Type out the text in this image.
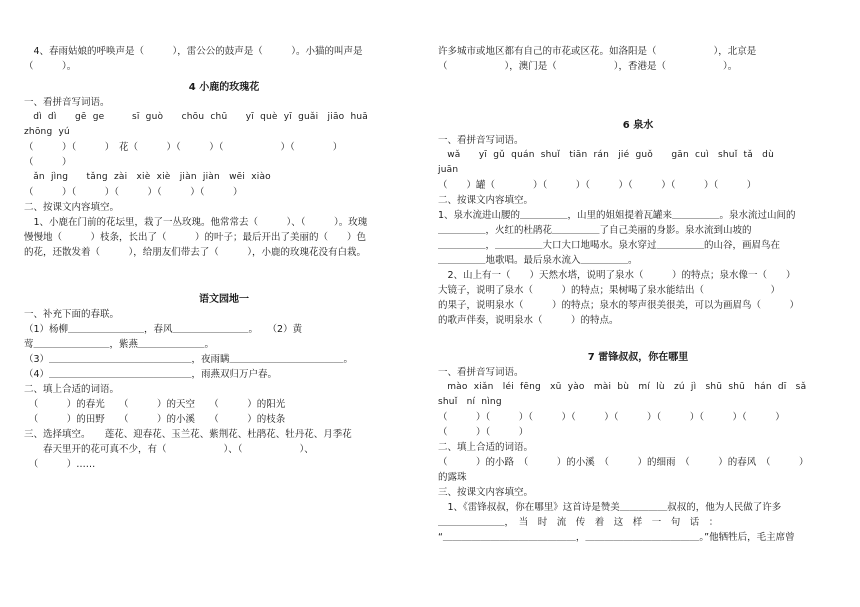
　4、春雨姑娘的呼唤声是（　　　），雷公公的鼓声是（　　　）。小猫的叫声是

（　　　）。

4 小鹿的玫瑰花

一、看拼音写词语。

　dì  dì　　gē  ge　　　sī  guò　　chōu  chū　　yī  què  yī  guǎi　jiāo  huā

zhōng  yú

（　　　）（　　　）　花（　　　）（　　　）（　　　　　　）（　　　　）

（　　　）

　ǎn  jìng　　tǎng  zài　xiè  xiè　jiàn  jiàn　wēi  xiào

（　　　）（　　　）（　　　）（　　　）（　　　）

二、按课文内容填空。

　1、小鹿在门前的花坛里，栽了一丛玫瑰。他常常去（　　　）、（　　　）。玫瑰

慢慢地（　　　）枝条，长出了（　　　）的叶子；最后开出了美丽的（　　）色

的花，还散发着（　　　），给朋友们带去了（　　　），小鹿的玫瑰花没有白栽。

语文园地一

一、补充下面的春联。

（1）杨柳＿＿＿＿＿＿＿＿，春风＿＿＿＿＿＿＿＿。　　（2）黄

莺＿＿＿＿＿＿＿＿，紫燕＿＿＿＿＿＿＿。

（3）＿＿＿＿＿＿＿＿＿＿＿＿＿＿＿，夜雨瞒＿＿＿＿＿＿＿＿＿＿＿＿。

（4）＿＿＿＿＿＿＿＿＿＿＿＿＿＿＿，雨燕双归万户春。

二、填上合适的词语。

　（　　　）的春光　　（　　　）的天空　　（　　　）的阳光

　（　　　）的田野　　（　　　）的小溪　　（　　　）的枝条

三、选择填空。　　莲花、迎春花、玉兰花、紫荆花、杜鹃花、牡丹花、月季花

　　春天里开的花可真不少，有（　　　　　　）、（　　　　　　）、

　（　　　）……

许多城市或地区都有自己的市花或区花。如洛阳是（　　　　　　），北京是

（　　　　　　），澳门是（　　　　　　），香港是（　　　　　　）。

6 泉水

一、看拼音写词语。

　wǎ　　yī  gǔ  quán  shuǐ　tiān  rán　jié  guǒ　　gān  cuì　shuǐ  tǎ　dù

juān

（　　）罐（　　　　）（　　　）（　　　）（　　　）（　　　）（　　　）

二、按课文内容填空。

1、泉水流进山腰的＿＿＿＿＿，山里的姐姐提着瓦罐来＿＿＿＿＿。泉水流过山间的

＿＿＿＿＿，火红的杜鹃花＿＿＿＿＿了自己美丽的身影。泉水流到山坡的

＿＿＿＿＿，＿＿＿＿＿大口大口地喝水。泉水穿过＿＿＿＿＿的山谷，画眉鸟在

＿＿＿＿＿地歌唱。最后泉水流入＿＿＿＿＿。

　2、山上有一（　　）天然水塔，说明了泉水（　　　）的特点；泉水像一（　　）

大镜子，说明了泉水（　　　）的特点；果树喝了泉水能结出（　　　　　　　）

的果子，说明泉水（　　　）的特点；泉水的琴声很美很美，可以为画眉鸟（　　　）

的歌声伴奏，说明泉水（　　　）的特点。

7 雷锋叔叔，你在哪里

一、看拼音写词语。

　mào  xiǎn　léi  fēng　xū  yào　mài  bù　mí  lù　zú  jì　shū  shū　hán  dī　sǎ

shuǐ　ní  nìng

（　　　）（　　　）（　　　）（　　　）（　　　）（　　　）（　　　）（　　　）

（　　　）（　　　）

二、填上合适的词语。

（　　　）的小路　（　　　）的小溪　（　　　）的细雨　（　　　）的春风　（　　　）

的露珠

三、按课文内容填空。

　1、《雷锋叔叔，你在哪里》这首诗是赞美＿＿＿＿＿叔叔的，他为人民做了许多

＿＿＿＿＿＿＿，　当　时　流　传　着　这　样　一　句　话　：

“＿＿＿＿＿＿＿＿＿＿＿＿＿＿，＿＿＿＿＿＿＿＿＿＿＿＿。”他牺牲后，毛主席曾
